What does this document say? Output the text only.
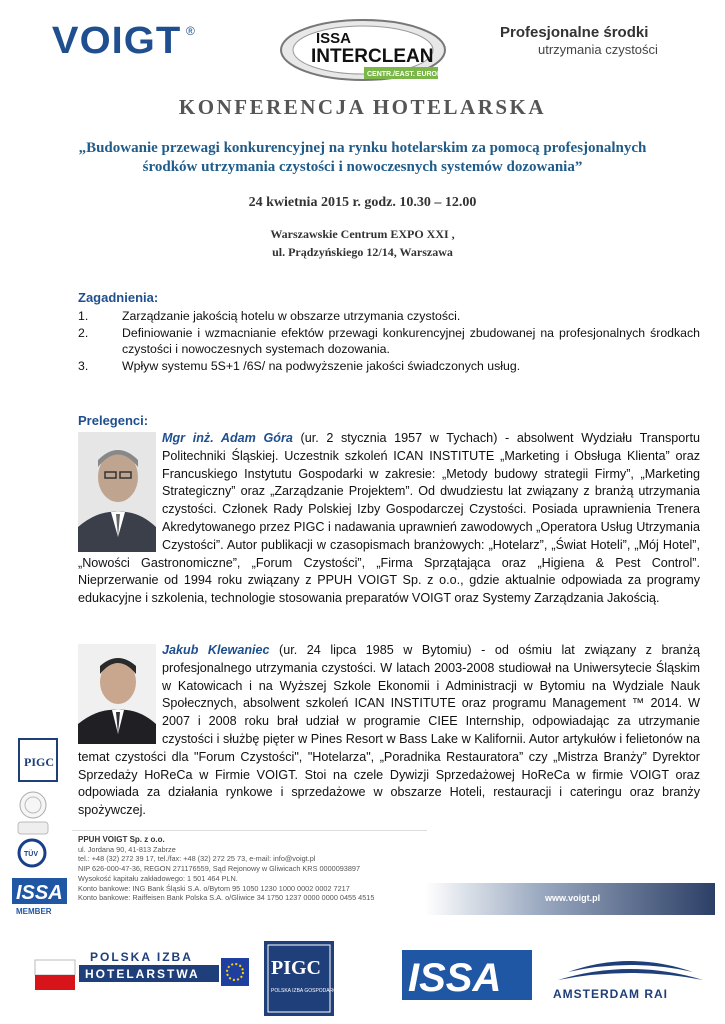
VOIGT ®	ISSA
INTERCLEAN
CENTR./EAST. EUROPE
Profesjonalne środki
utrzymania czystości
KONFERENCJA HOTELARSKA
„Budowanie przewagi konkurencyjnej na rynku hotelarskim za pomocą profesjonalnych
środków utrzymania czystości i nowoczesnych systemów dozowania”
24 kwietnia 2015 r. godz. 10.30 – 12.00
Warszawskie Centrum EXPO XXI ,
ul. Prądzyńskiego 12/14, Warszawa
Zagadnienia:
1.	Zarządzanie jakością hotelu w obszarze utrzymania czystości.
2.	Definiowanie i wzmacnianie efektów przewagi konkurencyjnej zbudowanej na profesjonalnych środkach czystości i nowoczesnych systemach dozowania.
3.	Wpływ systemu 5S+1 /6S/ na podwyższenie jakości świadczonych usług.
Prelegenci:
Mgr inż. Adam Góra (ur. 2 stycznia 1957 w Tychach) - absolwent Wydziału Transportu Politechniki Śląskiej. Uczestnik szkoleń ICAN INSTITUTE „Marketing i Obsługa Klienta” oraz Francuskiego Instytutu Gospodarki w zakresie: „Metody budowy strategii Firmy”, „Marketing Strategiczny” oraz „Zarządzanie Projektem”. Od dwudziestu lat związany z branżą utrzymania czystości. Członek Rady Polskiej Izby Gospodarczej Czystości. Posiada uprawnienia Trenera Akredytowanego przez PIGC i nadawania uprawnień zawodowych „Operatora Usług Utrzymania Czystości”. Autor publikacji w czasopismach branżowych: „Hotelarz”, „Świat Hoteli”, „Mój Hotel”, „Nowości Gastronomiczne”, „Forum Czystości”, „Firma Sprzątająca oraz „Higiena & Pest Control”. Nieprzerwanie od 1994 roku związany z PPUH VOIGT Sp. z o.o., gdzie aktualnie odpowiada za programy edukacyjne i szkolenia, technologie stosowania preparatów VOIGT oraz Systemy Zarządzania Jakością.
Jakub Klewaniec (ur. 24 lipca 1985 w Bytomiu) - od ośmiu lat związany z branżą profesjonalnego utrzymania czystości. W latach 2003-2008 studiował na Uniwersytecie Śląskim w Katowicach i na Wyższej Szkole Ekonomii i Administracji w Bytomiu na Wydziale Nauk Społecznych, absolwent szkoleń ICAN INSTITUTE oraz programu Management ™ 2014. W 2007 i 2008 roku brał udział w programie CIEE Internship, odpowiadając za utrzymanie czystości i służbę pięter w Pines Resort w Bass Lake w Kalifornii. Autor artykułów i felietonów na temat czystości dla "Forum Czystości", "Hotelarza", „Poradnika Restauratora” czy „Mistrza Branży” Dyrektor Sprzedaży HoReCa w Firmie VOIGT. Stoi na czele Dywizji Sprzedażowej HoReCa w firmie VOIGT oraz odpowiada za działania rynkowe i sprzedażowe w obszarze Hoteli, restauracji i cateringu oraz branży spożywczej.
PIGC
TÜV
ISSA
MEMBER
PPUH VOIGT Sp. z o.o.
ul. Jordana 90, 41-813 Zabrze
tel.: +48 (32) 272 39 17, tel./fax: +48 (32) 272 25 73, e-mail: info@voigt.pl
NIP 626-000-47-36, REGON 271176559, Sąd Rejonowy w Gliwicach KRS 0000093897
Wysokość kapitału zakładowego: 1 501 464 PLN.
Konto bankowe: ING Bank Śląski S.A. o/Bytom 95 1050 1230 1000 0002 0002 7217
Konto bankowe: Raiffeisen Bank Polska S.A. o/Gliwice 34 1750 1237 0000 0000 0455 4515	www.voigt.pl
POLSKA IZBA
HOTELARSTWA	PIGC
POLSKA IZBA GOSPODARCZA CZYSTOŚCI ISSA	AMSTERDAM RAI
